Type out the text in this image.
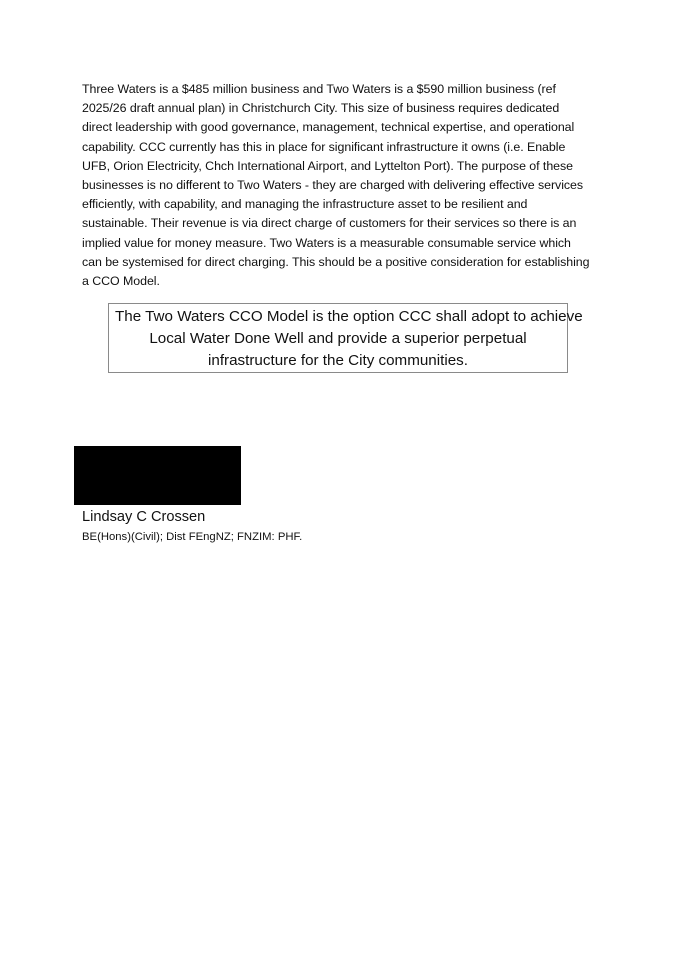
Three Waters is a $485 million business and Two Waters is a $590 million business (ref
2025/26 draft annual plan) in Christchurch City. This size of business requires dedicated
direct leadership with good governance, management, technical expertise, and operational
capability. CCC currently has this in place for significant infrastructure it owns (i.e. Enable
UFB, Orion Electricity, Chch International Airport, and Lyttelton Port). The purpose of these
businesses is no different to Two Waters - they are charged with delivering effective services
efficiently, with capability, and managing the infrastructure asset to be resilient and
sustainable. Their revenue is via direct charge of customers for their services so there is an
implied value for money measure. Two Waters is a measurable consumable service which
can be systemised for direct charging. This should be a positive consideration for establishing
a CCO Model.

The Two Waters CCO Model is the option CCC shall adopt to achieve
Local Water Done Well and provide a superior perpetual
infrastructure for the City communities.
Lindsay C Crossen
BE(Hons)(Civil); Dist FEngNZ; FNZIM: PHF.
